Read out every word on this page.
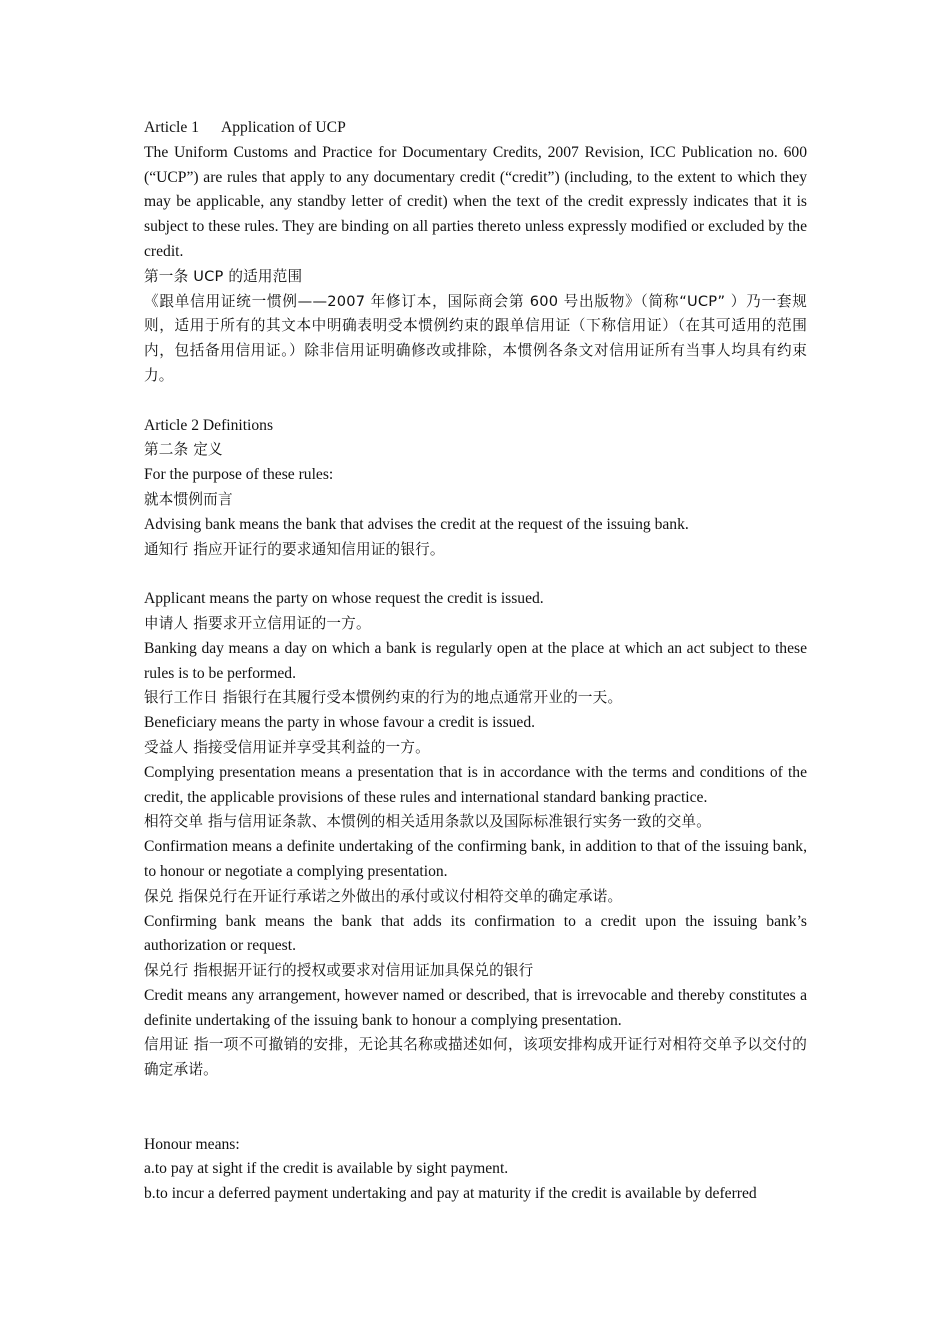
Article 1 Application of UCP

The Uniform Customs and Practice for Documentary Credits, 2007 Revision, ICC Publication no. 600 (“UCP”) are rules that apply to any documentary credit (“credit”) (including, to the extent to which they may be applicable, any standby letter of credit) when the text of the credit expressly indicates that it is subject to these rules. They are binding on all parties thereto unless expressly modified or excluded by the credit.

第一条 UCP 的适用范围

《跟单信用证统一惯例——2007 年修订本，国际商会第 600 号出版物》（简称“UCP” ）乃一套规则，适用于所有的其文本中明确表明受本惯例约束的跟单信用证（下称信用证）（在其可适用的范围内，包括备用信用证。）除非信用证明确修改或排除，本惯例各条文对信用证所有当事人均具有约束力。

Article 2 Definitions

第二条 定义

For the purpose of these rules:

就本惯例而言

Advising bank means the bank that advises the credit at the request of the issuing bank.

通知行 指应开证行的要求通知信用证的银行。

Applicant means the party on whose request the credit is issued.

申请人 指要求开立信用证的一方。

Banking day means a day on which a bank is regularly open at the place at which an act subject to these rules is to be performed.

银行工作日 指银行在其履行受本惯例约束的行为的地点通常开业的一天。

Beneficiary means the party in whose favour a credit is issued.

受益人 指接受信用证并享受其利益的一方。

Complying presentation means a presentation that is in accordance with the terms and conditions of the credit, the applicable provisions of these rules and international standard banking practice.

相符交单 指与信用证条款、本惯例的相关适用条款以及国际标准银行实务一致的交单。

Confirmation means a definite undertaking of the confirming bank, in addition to that of the issuing bank, to honour or negotiate a complying presentation.

保兑 指保兑行在开证行承诺之外做出的承付或议付相符交单的确定承诺。

Confirming bank means the bank that adds its confirmation to a credit upon the issuing bank’s authorization or request.

保兑行 指根据开证行的授权或要求对信用证加具保兑的银行

Credit means any arrangement, however named or described, that is irrevocable and thereby constitutes a definite undertaking of the issuing bank to honour a complying presentation.

信用证 指一项不可撤销的安排，无论其名称或描述如何，该项安排构成开证行对相符交单予以交付的确定承诺。

Honour means:

a.to pay at sight if the credit is available by sight payment.

b.to incur a deferred payment undertaking and pay at maturity if the credit is available by deferred
